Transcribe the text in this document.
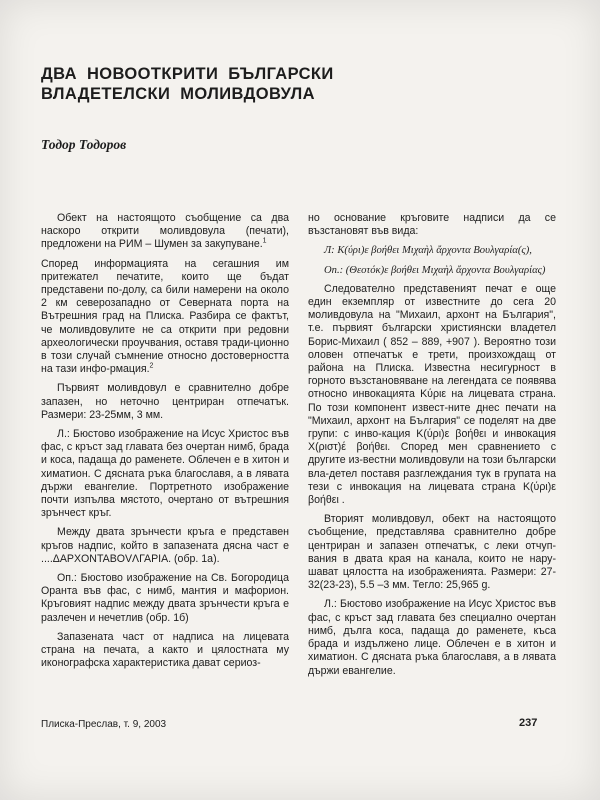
ДВА НОВООТКРИТИ БЪЛГАРСКИ
ВЛАДЕТЕЛСКИ МОЛИВДОВУЛА
Тодор Тодоров

Обект на настоящото съобщение са два наскоро открити моливдовула (печати), предложени на РИМ – Шумен за закупуване.$^1$

Според информацията на сегашния им притежател печатите, които ще бъдат представени по-долу, са били намерени на около 2 км северозападно от Северната порта на Вътрешния град на Плиска. Разбира се фактът, че моливдовулите не са открити при редовни археологически проучвания, оставя тради-ционно в този случай съмнение относно достоверността на тази инфо-рмация.$^2$

Първият моливдовул е сравнително добре запазен, но неточно центриран отпечатък. Размери: 23-25мм, 3 мм.

Л.: Бюстово изображение на Исус Христос във фас, с кръст зад главата без очертан нимб, брада и коса, падаща до раменете. Облечен е в хитон и химатион. С дясната ръка благославя, а в лявата държи евангелие. Портретното изображение почти изпълва мястото, очертано от вътрешния зрънчест кръг.

Между двата зрънчести кръга е представен кръгов надпис, който в запазената дясна част е ....ΔΑΡΧΟΝΤΑΒΟVΛΓΑΡΙΑ. (обр. 1а).

Оп.: Бюстово изображение на Св. Богородица Оранта във фас, с нимб, мантия и мафорион. Кръговият надпис между двата зрънчести кръга е разлечен и нечетлив (обр. 1б)

Запазената част от надписа на лицевата страна на печата, а както и цялостната му иконографска характеристика дават сериоз-

но основание кръговите надписи да се възстановят във вида:

Л: K(ύρι)ε βοήθει Μιχαὴλ ἄρχοντα Βουλγαρία(ς),

Оп.: (Θεοτόκ)ε βοήθει Μιχαὴλ ἄρχοντα Βουλγαρίας)

Следователно представеният печат е още един екземпляр от известните до сега 20 моливдовула на "Михаил, архонт на България", т.е. първият български християнски владетел Борис-Михаил ( 852 – 889, +907 ). Вероятно този оловен отпечатък е трети, произхождащ от района на Плиска. Известна несигурност в горното възстановяване на легендата се появява относно инвокацията Κύριε на лицевата страна. По този компонент извест-ните днес печати на "Михаил, архонт на България" се поделят на две групи: с инво-кация K(ύρι)ε βοήθει и инвокация Χ(ριστ)έ βοήθει. Според мен сравнението с другите из-вестни моливдовули на този български вла-детел поставя разглеждания тук в групата на тези с инвокация на лицевата страна K(ύρι)ε βοήθει .

Вторият моливдовул, обект на настоящото съобщение, представлява сравнително добре центриран и запазен отпечатък, с леки отчуп-вания в двата края на канала, които не нару-шават цялостта на изображенията. Размери: 27-32(23-23), 5.5 –3 мм. Тегло: 25,965 g.

Л.: Бюстово изображение на Исус Христос във фас, с кръст зад главата без специално очертан нимб, дълга коса, падаща до раменете, къса брада и издължено лице. Облечен е в хитон и химатион. С дясната ръка благославя, а в лявата държи евангелие.

Плиска-Преслав, т. 9, 2003	237
